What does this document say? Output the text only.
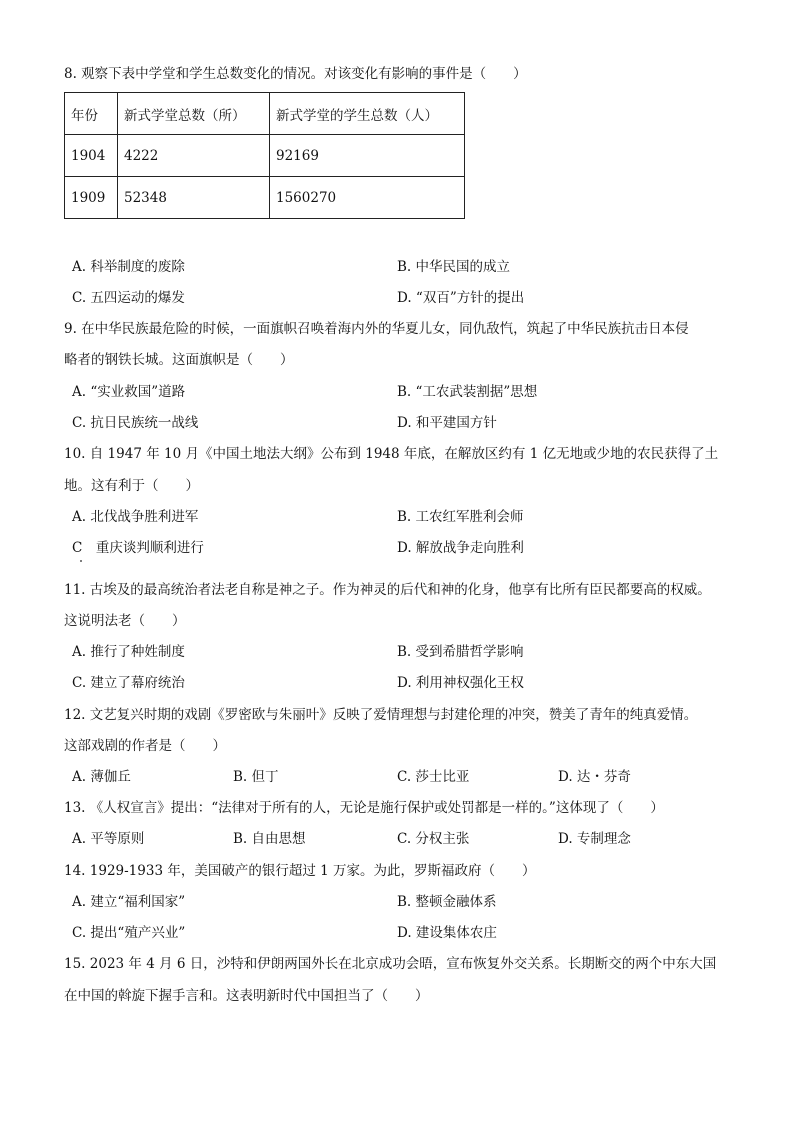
8. 观察下表中学堂和学生总数变化的情况。对该变化有影响的事件是（　　）
年份	新式学堂总数（所）	新式学堂的学生总数（人）
1904	4222	92169
1909	52348	1560270
A. 科举制度的废除	B. 中华民国的成立
C. 五四运动的爆发	D. “双百”方针的提出
9. 在中华民族最危险的时候，一面旗帜召唤着海内外的华夏儿女，同仇敌忾，筑起了中华民族抗击日本侵
略者的钢铁长城。这面旗帜是（　　）
A. “实业救国”道路	B. “工农武装割据”思想
C. 抗日民族统一战线	D. 和平建国方针
10. 自 1947 年 10 月《中国土地法大纲》公布到 1948 年底，在解放区约有 1 亿无地或少地的农民获得了土
地。这有利于（　　）
A. 北伐战争胜利进军	B. 工农红军胜利会师
C　重庆谈判顺利进行	D. 解放战争走向胜利
11. 古埃及的最高统治者法老自称是神之子。作为神灵的后代和神的化身，他享有比所有臣民都要高的权威。
这说明法老（　　）
A. 推行了种姓制度	B. 受到希腊哲学影响
C. 建立了幕府统治	D. 利用神权强化王权
12. 文艺复兴时期的戏剧《罗密欧与朱丽叶》反映了爱情理想与封建伦理的冲突，赞美了青年的纯真爱情。
这部戏剧的作者是（　　）
A. 薄伽丘	B. 但丁	C. 莎士比亚	D. 达・芬奇
13. 《人权宣言》提出：“法律对于所有的人，无论是施行保护或处罚都是一样的。”这体现了（　　）
A. 平等原则	B. 自由思想	C. 分权主张	D. 专制理念
14. 1929-1933 年，美国破产的银行超过 1 万家。为此，罗斯福政府（　　）
A. 建立“福利国家”	B. 整顿金融体系
C. 提出“殖产兴业”	D. 建设集体农庄
15. 2023 年 4 月 6 日，沙特和伊朗两国外长在北京成功会晤，宣布恢复外交关系。长期断交的两个中东大国
在中国的斡旋下握手言和。这表明新时代中国担当了（　　）
